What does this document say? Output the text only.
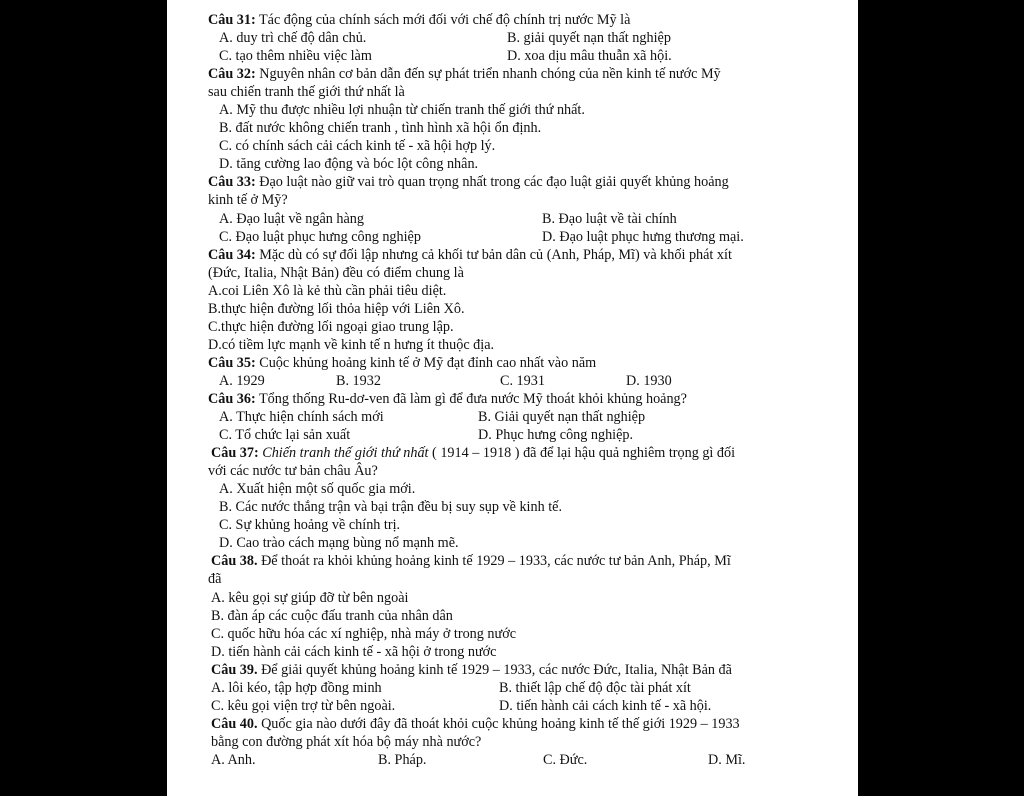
Câu 31: Tác động của chính sách mới đối với chế độ chính trị nước Mỹ là

A. duy trì chế độ dân chủ.	B. giải quyết nạn thất nghiệp
C. tạo thêm nhiều việc làm	D. xoa dịu mâu thuẫn xã hội.

Câu 32: Nguyên nhân cơ bản dẫn đến sự phát triển nhanh chóng của nền kinh tế nước Mỹ

sau chiến tranh thế giới thứ nhất là

A. Mỹ thu được nhiều lợi nhuận từ chiến tranh thế giới thứ nhất.

B. đất nước không chiến tranh , tình hình xã hội ổn định.

C. có chính sách cải cách kinh tế - xã hội hợp lý.

D. tăng cường lao động và bóc lột công nhân.

Câu 33: Đạo luật nào giữ vai trò quan trọng nhất trong các đạo luật giải quyết khủng hoảng

kinh tế ở Mỹ?

A. Đạo luật về ngân hàng	B. Đạo luật về tài chính
C. Đạo luật phục hưng công nghiệp	D. Đạo luật phục hưng thương mại.

Câu 34: Mặc dù có sự đối lập nhưng cả khối tư bản dân củ (Anh, Pháp, Mĩ) và khối phát xít

(Đức, Italia, Nhật Bản) đều có điểm chung là

A.coi Liên Xô là kẻ thù cần phải tiêu diệt.

B.thực hiện đường lối thỏa hiệp với Liên Xô.

C.thực hiện đường lối ngoại giao trung lập.

D.có tiềm lực mạnh về kinh tế n hưng ít thuộc địa.

Câu 35: Cuộc khủng hoảng kinh tế ở Mỹ đạt đỉnh cao nhất vào năm

A. 1929	B. 1932	C. 1931	D. 1930

Câu 36: Tổng thống Ru-dơ-ven đã làm gì để đưa nước Mỹ thoát khỏi khủng hoảng?

A. Thực hiện chính sách mới	B. Giải quyết nạn thất nghiệp
C. Tổ chức lại sản xuất	D. Phục hưng công nghiệp.

Câu 37: Chiến tranh thế giới thứ nhất ( 1914 – 1918 ) đã để lại hậu quả nghiêm trọng gì đối

với các nước tư bản châu Âu?

A. Xuất hiện một số quốc gia mới.

B. Các nước thắng trận và bại trận đều bị suy sụp về kinh tế.

C. Sự khủng hoảng về chính trị.

D. Cao trào cách mạng bùng nổ mạnh mẽ.

Câu 38. Để thoát ra khỏi khủng hoảng kinh tế 1929 – 1933, các nước tư bản Anh, Pháp, Mĩ

đã

A. kêu gọi sự giúp đỡ từ bên ngoài

B. đàn áp các cuộc đấu tranh của nhân dân

C. quốc hữu hóa các xí nghiệp, nhà máy ở trong nước

D. tiến hành cải cách kinh tế - xã hội ở trong nước

Câu 39. Để giải quyết khủng hoảng kinh tế 1929 – 1933, các nước Đức, Italia, Nhật Bản đã

A. lôi kéo, tập hợp đồng minh	B. thiết lập chế độ độc tài phát xít
C. kêu gọi viện trợ từ bên ngoài.	D. tiến hành cải cách kinh tế - xã hội.

Câu 40. Quốc gia nào dưới đây đã thoát khỏi cuộc khủng hoảng kinh tế thế giới 1929 – 1933

bằng con đường phát xít hóa bộ máy nhà nước?

A. Anh.	B. Pháp.	C. Đức.	D. Mĩ.
